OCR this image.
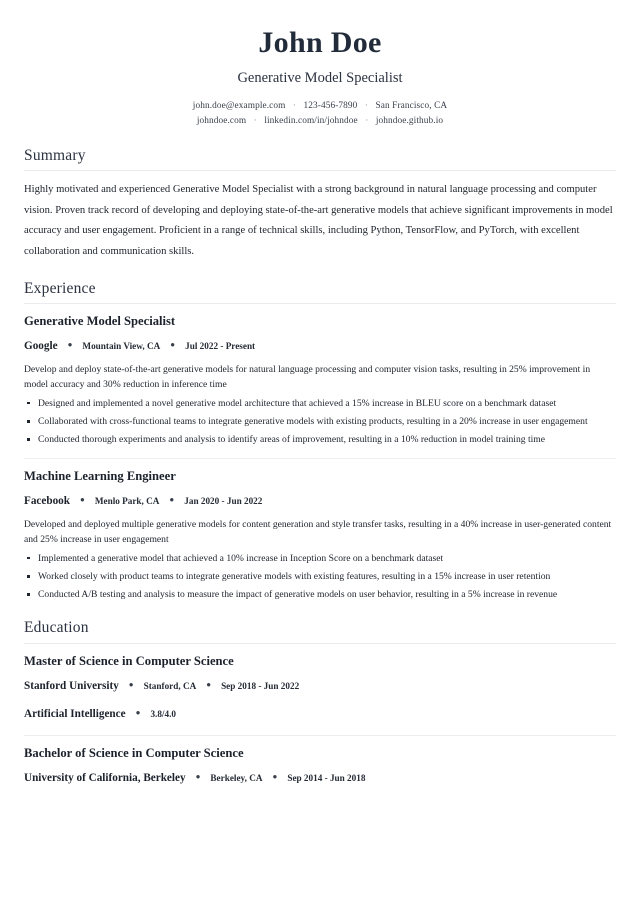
John Doe
Generative Model Specialist
john.doe@example.com · 123-456-7890 · San Francisco, CA
johndoe.com · linkedin.com/in/johndoe · johndoe.github.io
Summary

Highly motivated and experienced Generative Model Specialist with a strong background in natural language processing and computer vision. Proven track record of developing and deploying state-of-the-art generative models that achieve significant improvements in model accuracy and user engagement. Proficient in a range of technical skills, including Python, TensorFlow, and PyTorch, with excellent collaboration and communication skills.

Experience
Generative Model Specialist
Google ● Mountain View, CA ● Jul 2022 - Present

Develop and deploy state-of-the-art generative models for natural language processing and computer vision tasks, resulting in 25% improvement in model accuracy and 30% reduction in inference time

Designed and implemented a novel generative model architecture that achieved a 15% increase in BLEU score on a benchmark dataset
Collaborated with cross-functional teams to integrate generative models with existing products, resulting in a 20% increase in user engagement
Conducted thorough experiments and analysis to identify areas of improvement, resulting in a 10% reduction in model training time
Machine Learning Engineer
Facebook ● Menlo Park, CA ● Jan 2020 - Jun 2022

Developed and deployed multiple generative models for content generation and style transfer tasks, resulting in a 40% increase in user-generated content and 25% increase in user engagement

Implemented a generative model that achieved a 10% increase in Inception Score on a benchmark dataset
Worked closely with product teams to integrate generative models with existing features, resulting in a 15% increase in user retention
Conducted A/B testing and analysis to measure the impact of generative models on user behavior, resulting in a 5% increase in revenue
Education
Master of Science in Computer Science
Stanford University ● Stanford, CA ● Sep 2018 - Jun 2022
Artificial Intelligence ● 3.8/4.0
Bachelor of Science in Computer Science
University of California, Berkeley ● Berkeley, CA ● Sep 2014 - Jun 2018
